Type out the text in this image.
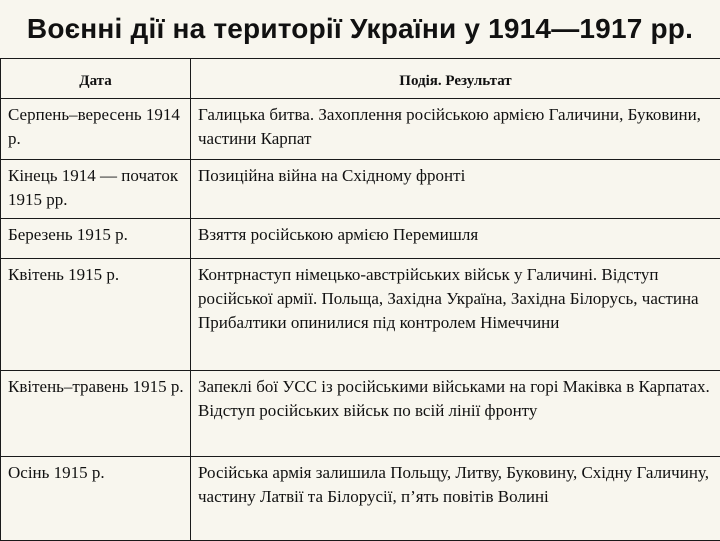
Воєнні дії на території України у 1914—1917 рр.
Дата	Подія. Результат
Серпень–вересень 1914 р.	Галицька битва. Захоплення російською армією Галичини, Буковини, частини Карпат
Кінець 1914 — початок 1915 рр.	Позиційна війна на Східному фронті
Березень 1915 р.	Взяття російською армією Перемишля
Квітень 1915 р.	Контрнаступ німецько-австрійських військ у Галичині. Відступ російської армії. Польща, Західна Україна, Західна Білорусь, частина Прибалтики опинилися під контролем Німеччини
Квітень–травень 1915 р.	Запеклі бої УСС із російськими військами на горі Маківка в Карпатах. Відступ російських військ по всій лінії фронту
Осінь 1915 р.	Російська армія залишила Польщу, Литву, Буковину, Східну Галичину, частину Латвії та Білорусії, п’ять повітів Волині
